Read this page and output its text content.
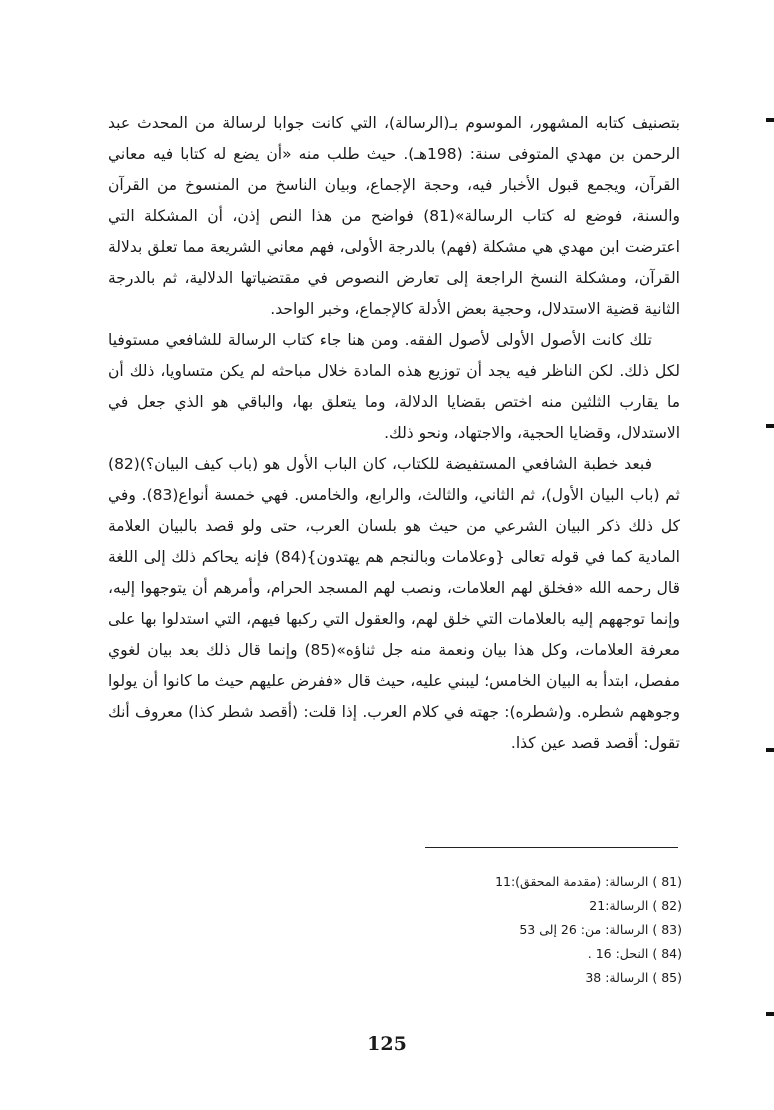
بتصنيف كتابه المشهور، الموسوم بـ(الرسالة)، التي كانت جوابا لرسالة من المحدث عبد الرحمن بن مهدي المتوفى سنة: (198هـ). حيث طلب منه «أن يضع له كتابا فيه معاني القرآن، ويجمع قبول الأخبار فيه، وحجة الإجماع، وبيان الناسخ من المنسوخ من القرآن والسنة، فوضع له كتاب الرسالة»(81) فواضح من هذا النص إذن، أن المشكلة التي اعترضت ابن مهدي هي مشكلة (فهم) بالدرجة الأولى، فهم معاني الشريعة مما تعلق بدلالة القرآن، ومشكلة النسخ الراجعة إلى تعارض النصوص في مقتضياتها الدلالية، ثم بالدرجة الثانية قضية الاستدلال، وحجية بعض الأدلة كالإجماع، وخبر الواحد.

تلك كانت الأصول الأولى لأصول الفقه. ومن هنا جاء كتاب الرسالة للشافعي مستوفيا لكل ذلك. لكن الناظر فيه يجد أن توزيع هذه المادة خلال مباحثه لم يكن متساويا، ذلك أن ما يقارب الثلثين منه اختص بقضايا الدلالة، وما يتعلق بها، والباقي هو الذي جعل في الاستدلال، وقضايا الحجية، والاجتهاد، ونحو ذلك.

فبعد خطبة الشافعي المستفيضة للكتاب، كان الباب الأول هو (باب كيف البيان؟)(82) ثم (باب البيان الأول)، ثم الثاني، والثالث، والرابع، والخامس. فهي خمسة أنواع(83). وفي كل ذلك ذكر البيان الشرعي من حيث هو بلسان العرب، حتى ولو قصد بالبيان العلامة المادية كما في قوله تعالى {وعلامات وبالنجم هم يهتدون}(84) فإنه يحاكم ذلك إلى اللغة قال رحمه الله «فخلق لهم العلامات، ونصب لهم المسجد الحرام، وأمرهم أن يتوجهوا إليه، وإنما توجههم إليه بالعلامات التي خلق لهم، والعقول التي ركبها فيهم، التي استدلوا بها على معرفة العلامات، وكل هذا بيان ونعمة منه جل ثناؤه»(85) وإنما قال ذلك بعد بيان لغوي مفصل، ابتدأ به البيان الخامس؛ ليبني عليه، حيث قال «ففرض عليهم حيث ما كانوا أن يولوا وجوههم شطره. و(شطره): جهته في كلام العرب. إذا قلت: (أقصد شطر كذا) معروف أنك تقول: أقصد قصد عين كذا.

(81 ) الرسالة: (مقدمة المحقق):11
(82 ) الرسالة:21
(83 ) الرسالة: من: 26 إلى 53
(84 ) النحل: 16 .
(85 ) الرسالة: 38
125
